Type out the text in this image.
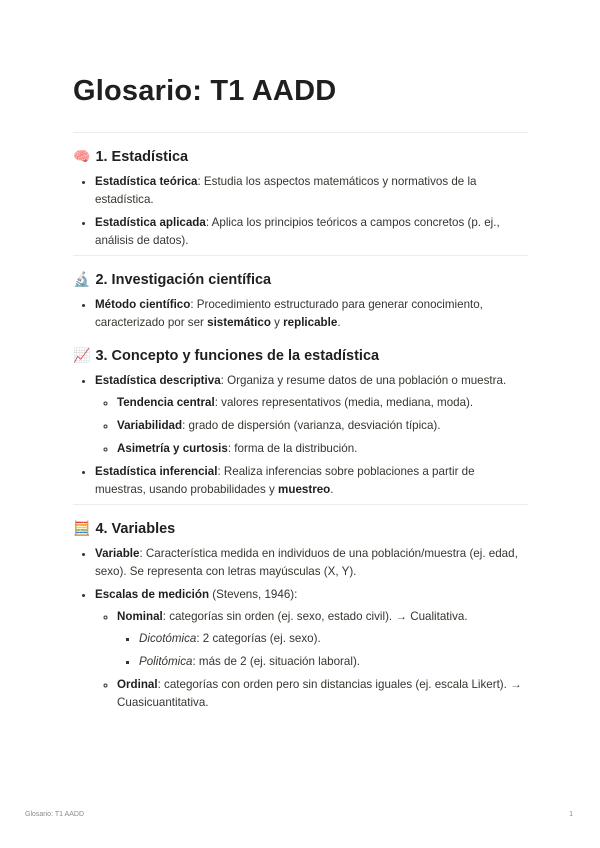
Glosario: T1 AADD
🧠 1. Estadística
• Estadística teórica: Estudia los aspectos matemáticos y normativos de la estadística.
• Estadística aplicada: Aplica los principios teóricos a campos concretos (p. ej., análisis de datos).
🔬 2. Investigación científica
• Método científico: Procedimiento estructurado para generar conocimiento, caracterizado por ser sistemático y replicable.
📈 3. Concepto y funciones de la estadística
• Estadística descriptiva: Organiza y resume datos de una población o muestra.
◦ Tendencia central: valores representativos (media, mediana, moda).
◦ Variabilidad: grado de dispersión (varianza, desviación típica).
◦ Asimetría y curtosis: forma de la distribución.
• Estadística inferencial: Realiza inferencias sobre poblaciones a partir de muestras, usando probabilidades y muestreo.
🧮 4. Variables
• Variable: Característica medida en individuos de una población/muestra (ej. edad, sexo). Se representa con letras mayúsculas (X, Y).
• Escalas de medición (Stevens, 1946):
◦ Nominal: categorías sin orden (ej. sexo, estado civil). → Cualitativa.
▪ Dicotómica: 2 categorías (ej. sexo).
▪ Politómica: más de 2 (ej. situación laboral).
◦ Ordinal: categorías con orden pero sin distancias iguales (ej. escala Likert). → Cuasicuantitativa.
Glosario: T1 AADD	1
